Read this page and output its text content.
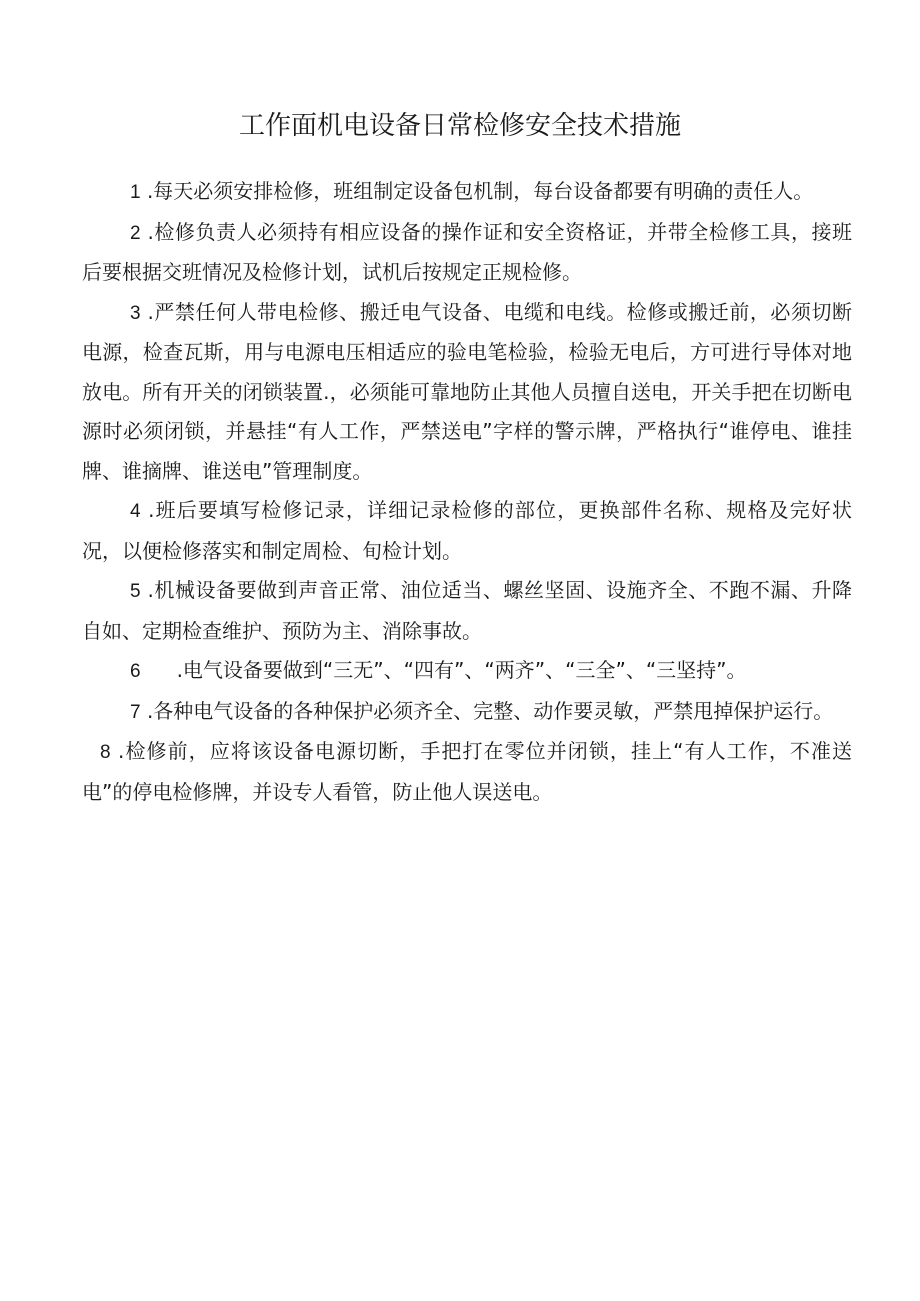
工作面机电设备日常检修安全技术措施

1 .每天必须安排检修，班组制定设备包机制，每台设备都要有明确的责任人。

2 .检修负责人必须持有相应设备的操作证和安全资格证，并带全检修工具，接班后要根据交班情况及检修计划，试机后按规定正规检修。

3 .严禁任何人带电检修、搬迁电气设备、电缆和电线。检修或搬迁前，必须切断电源，检查瓦斯，用与电源电压相适应的验电笔检验，检验无电后，方可进行导体对地放电。所有开关的闭锁装置.，必须能可靠地防止其他人员擅自送电，开关手把在切断电源时必须闭锁，并悬挂“有人工作，严禁送电”字样的警示牌，严格执行“谁停电、谁挂牌、谁摘牌、谁送电”管理制度。

4 .班后要填写检修记录，详细记录检修的部位，更换部件名称、规格及完好状况，以便检修落实和制定周检、旬检计划。

5 .机械设备要做到声音正常、油位适当、螺丝坚固、设施齐全、不跑不漏、升降自如、定期检查维护、预防为主、消除事故。

6 .电气设备要做到“三无”、“四有”、“两齐”、“三全”、“三坚持”。

7 .各种电气设备的各种保护必须齐全、完整、动作要灵敏，严禁甩掉保护运行。

8 .检修前，应将该设备电源切断，手把打在零位并闭锁，挂上“有人工作，不准送电”的停电检修牌，并设专人看管，防止他人误送电。
